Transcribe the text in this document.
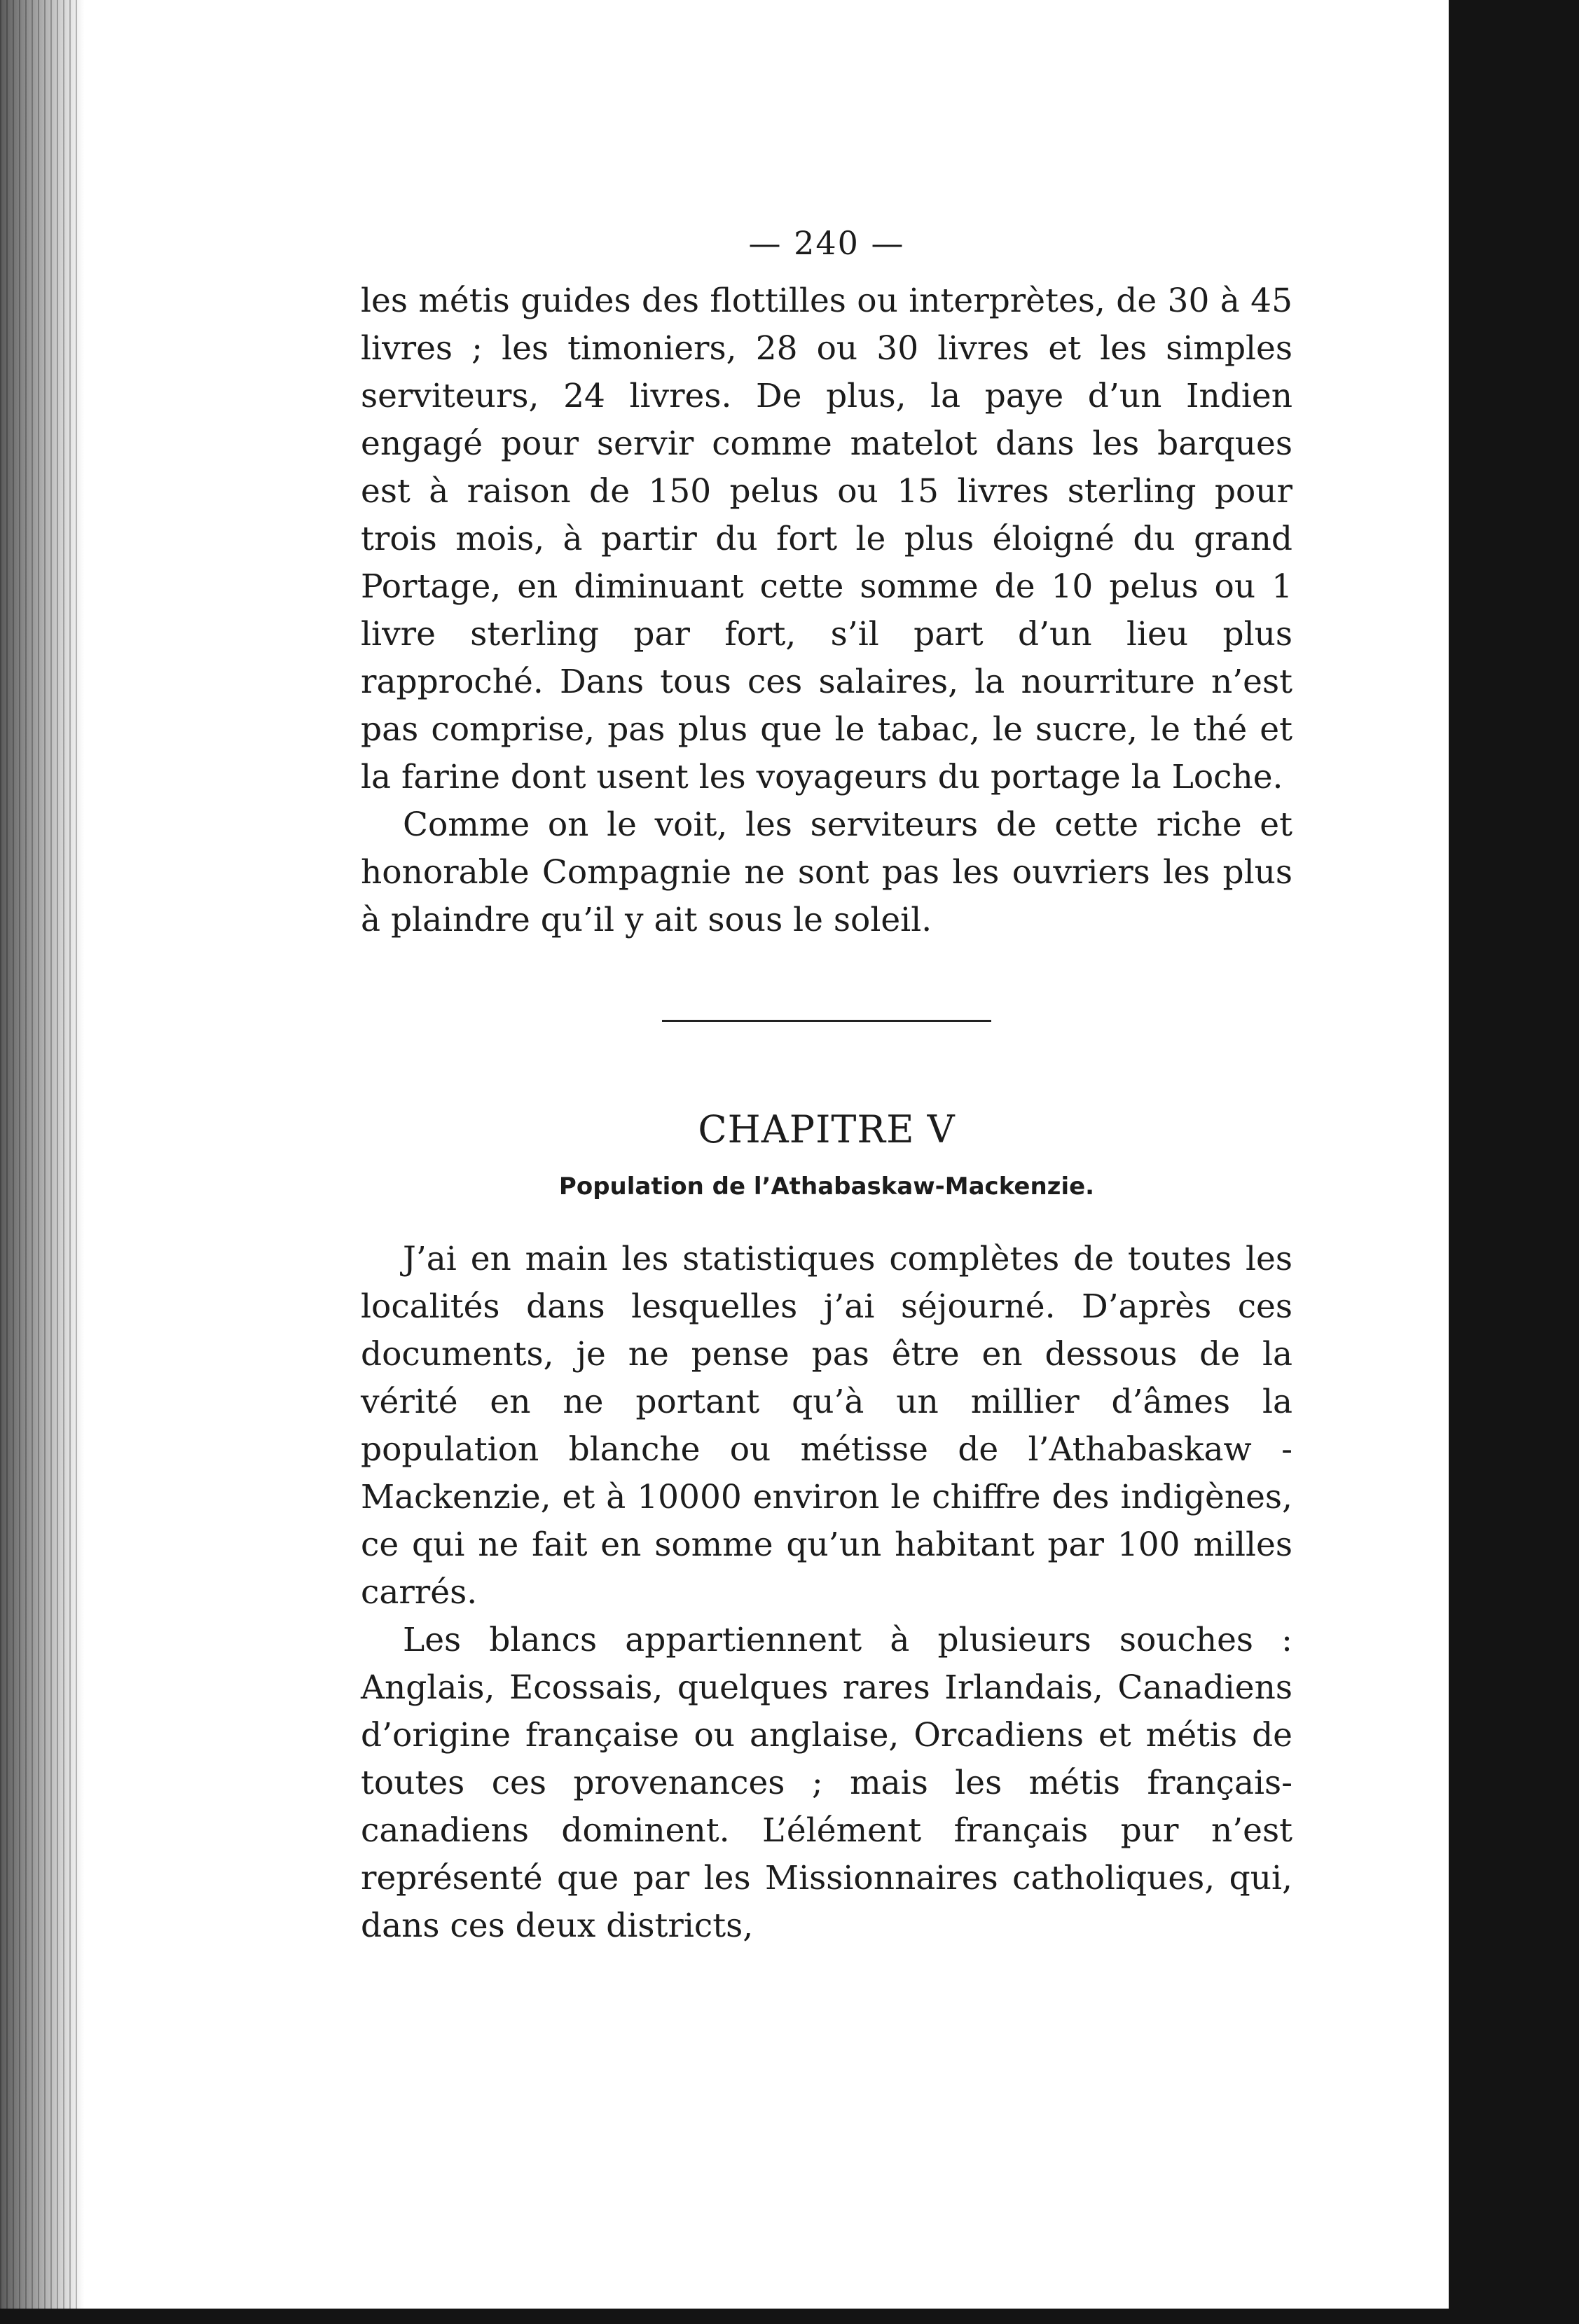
— 240 —

les métis guides des flottilles ou interprètes, de 30 à 45 livres ; les timoniers, 28 ou 30 livres et les simples serviteurs, 24 livres. De plus, la paye d’un Indien engagé pour servir comme matelot dans les barques est à raison de 150 pelus ou 15 livres sterling pour trois mois, à partir du fort le plus éloigné du grand Portage, en diminuant cette somme de 10 pelus ou 1 livre sterling par fort, s’il part d’un lieu plus rapproché. Dans tous ces salaires, la nourriture n’est pas comprise, pas plus que le tabac, le sucre, le thé et la farine dont usent les voyageurs du portage la Loche.

Comme on le voit, les serviteurs de cette riche et honorable Compagnie ne sont pas les ouvriers les plus à plaindre qu’il y ait sous le soleil.

CHAPITRE V
Population de l’Athabaskaw-Mackenzie.

J’ai en main les statistiques complètes de toutes les localités dans lesquelles j’ai séjourné. D’après ces documents, je ne pense pas être en dessous de la vérité en ne portant qu’à un millier d’âmes la population blanche ou métisse de l’Athabaskaw - Mackenzie, et à 10000 environ le chiffre des indigènes, ce qui ne fait en somme qu’un habitant par 100 milles carrés.

Les blancs appartiennent à plusieurs souches : Anglais, Ecossais, quelques rares Irlandais, Canadiens d’origine française ou anglaise, Orcadiens et métis de toutes ces provenances ; mais les métis français-canadiens dominent. L’élément français pur n’est représenté que par les Missionnaires catholiques, qui, dans ces deux districts,
